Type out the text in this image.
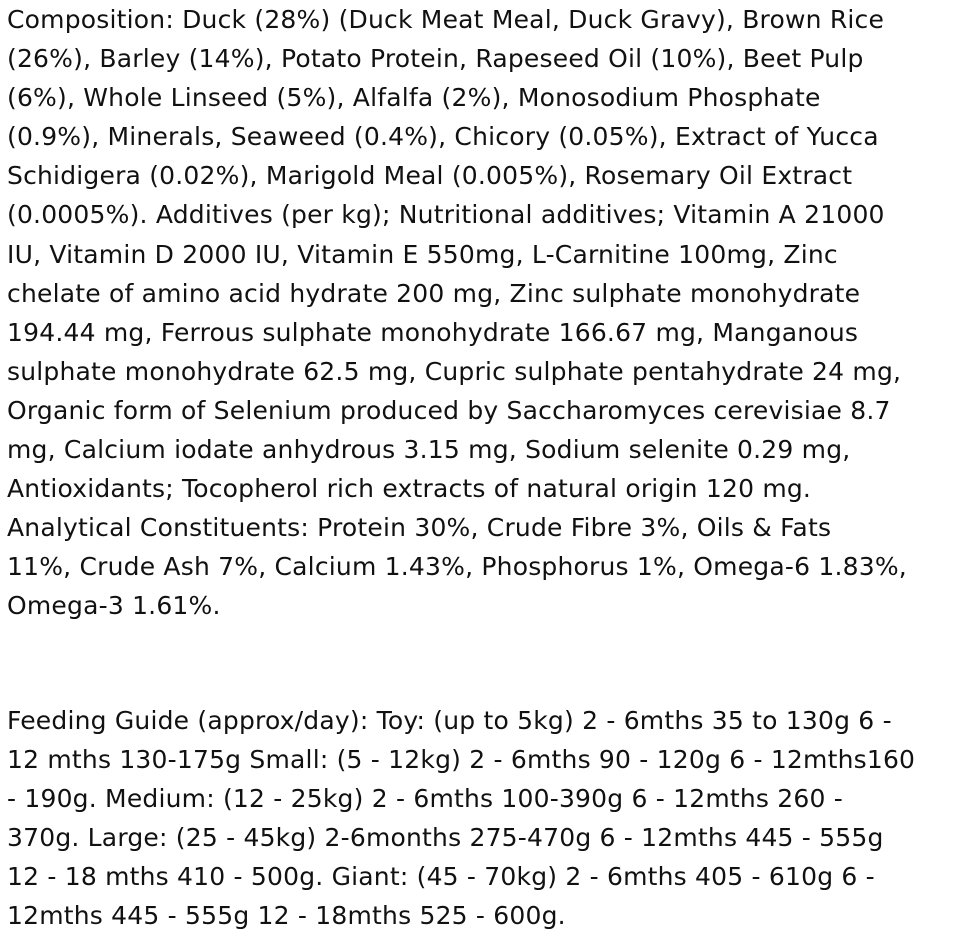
Composition: Duck (28%) (Duck Meat Meal, Duck Gravy), Brown Rice
(26%), Barley (14%), Potato Protein, Rapeseed Oil (10%), Beet Pulp
(6%), Whole Linseed (5%), Alfalfa (2%), Monosodium Phosphate
(0.9%), Minerals, Seaweed (0.4%), Chicory (0.05%), Extract of Yucca
Schidigera (0.02%), Marigold Meal (0.005%), Rosemary Oil Extract
(0.0005%). Additives (per kg); Nutritional additives; Vitamin A 21000
IU, Vitamin D 2000 IU, Vitamin E 550mg, L-Carnitine 100mg, Zinc
chelate of amino acid hydrate 200 mg, Zinc sulphate monohydrate
194.44 mg, Ferrous sulphate monohydrate 166.67 mg, Manganous
sulphate monohydrate 62.5 mg, Cupric sulphate pentahydrate 24 mg,
Organic form of Selenium produced by Saccharomyces cerevisiae 8.7
mg, Calcium iodate anhydrous 3.15 mg, Sodium selenite 0.29 mg,
Antioxidants; Tocopherol rich extracts of natural origin 120 mg.
Analytical Constituents: Protein 30%, Crude Fibre 3%, Oils & Fats
11%, Crude Ash 7%, Calcium 1.43%, Phosphorus 1%, Omega-6 1.83%,
Omega-3 1.61%.
Feeding Guide (approx/day): Toy: (up to 5kg) 2 - 6mths 35 to 130g 6 -
12 mths 130-175g Small: (5 - 12kg) 2 - 6mths 90 - 120g 6 - 12mths160
- 190g. Medium: (12 - 25kg) 2 - 6mths 100-390g 6 - 12mths 260 -
370g. Large: (25 - 45kg) 2-6months 275-470g 6 - 12mths 445 - 555g
12 - 18 mths 410 - 500g. Giant: (45 - 70kg) 2 - 6mths 405 - 610g 6 -
12mths 445 - 555g 12 - 18mths 525 - 600g.
